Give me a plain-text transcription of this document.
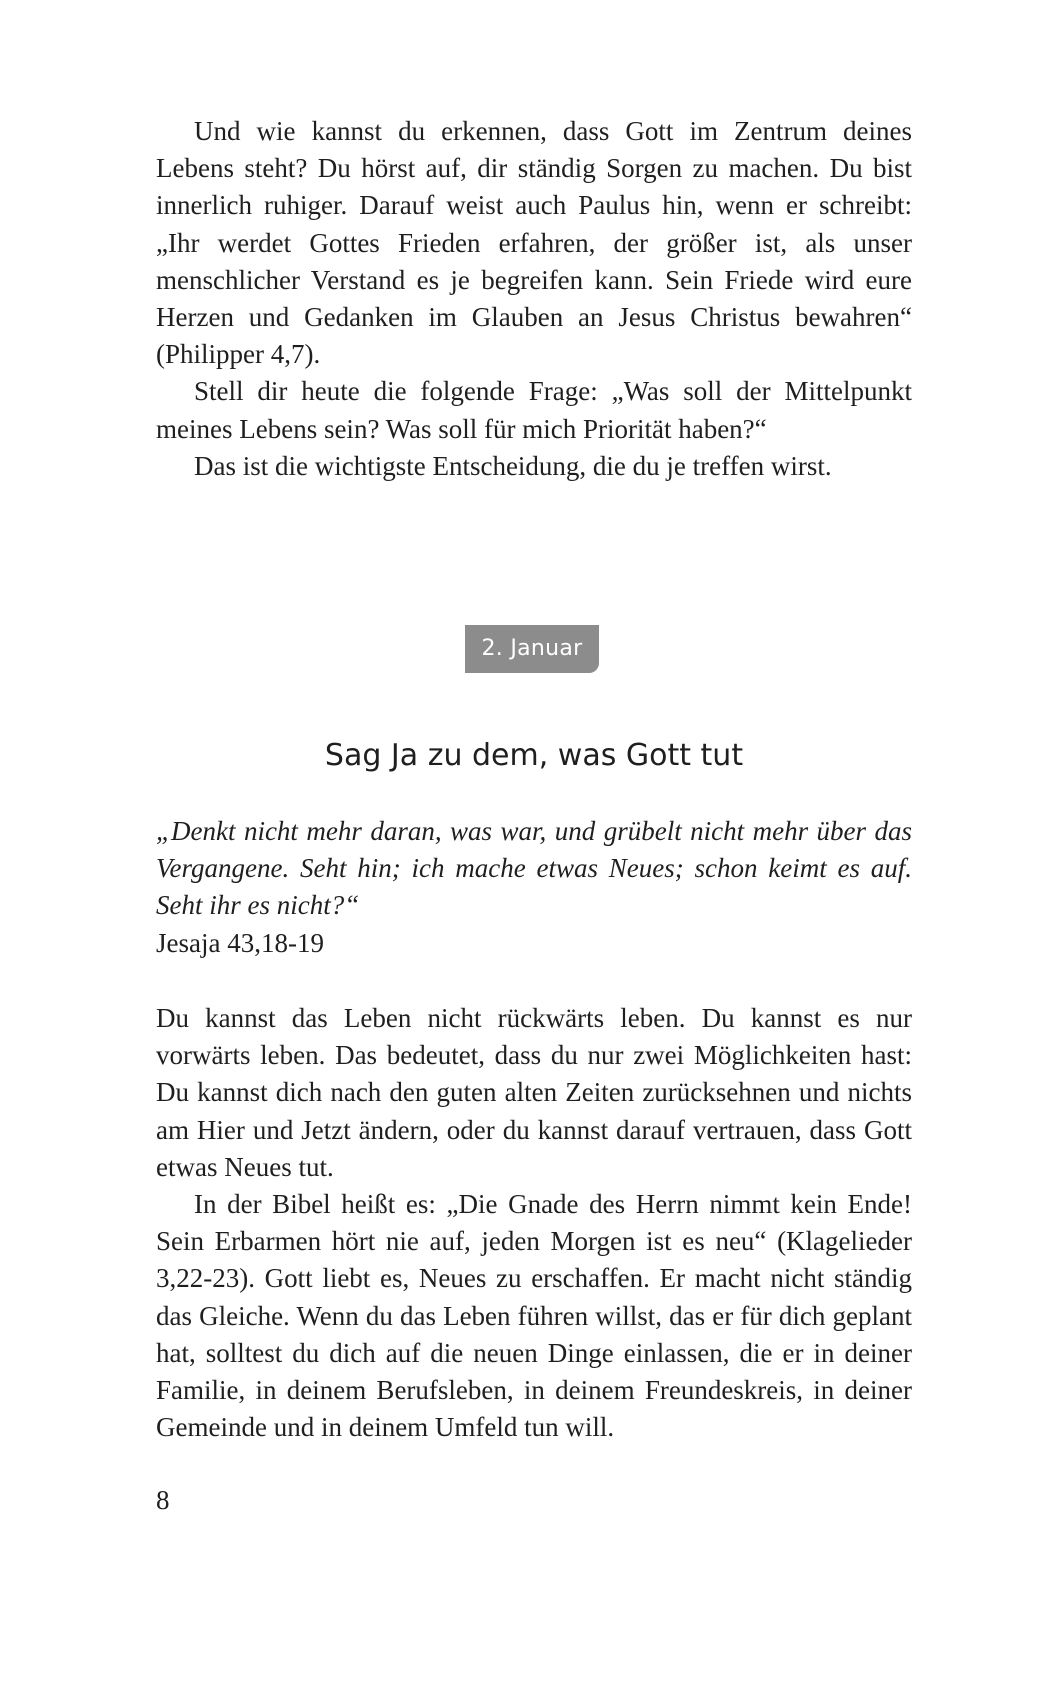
Und wie kannst du erkennen, dass Gott im Zentrum deines Lebens steht? Du hörst auf, dir ständig Sorgen zu machen. Du bist innerlich ruhiger. Darauf weist auch Paulus hin, wenn er schreibt: „Ihr werdet Gottes Frieden erfahren, der größer ist, als unser menschlicher Verstand es je begreifen kann. Sein Friede wird eure Herzen und Gedanken im Glauben an Jesus Christus bewahren“ (Philipper 4,7).

Stell dir heute die folgende Frage: „Was soll der Mittelpunkt meines Lebens sein? Was soll für mich Priorität haben?“

Das ist die wichtigste Entscheidung, die du je treffen wirst.

2. Januar
Sag Ja zu dem, was Gott tut

„Denkt nicht mehr daran, was war, und grübelt nicht mehr über das Vergangene. Seht hin; ich mache etwas Neues; schon keimt es auf. Seht ihr es nicht?“

Jesaja 43,18-19

Du kannst das Leben nicht rückwärts leben. Du kannst es nur vorwärts leben. Das bedeutet, dass du nur zwei Möglichkeiten hast: Du kannst dich nach den guten alten Zeiten zurücksehnen und nichts am Hier und Jetzt ändern, oder du kannst darauf vertrauen, dass Gott etwas Neues tut.

In der Bibel heißt es: „Die Gnade des Herrn nimmt kein Ende! Sein Erbarmen hört nie auf, jeden Morgen ist es neu“ (Klagelieder 3,22-23). Gott liebt es, Neues zu erschaffen. Er macht nicht ständig das Gleiche. Wenn du das Leben führen willst, das er für dich geplant hat, solltest du dich auf die neuen Dinge einlassen, die er in deiner Familie, in deinem Berufsleben, in deinem Freundeskreis, in deiner Gemeinde und in deinem Umfeld tun will.

8
